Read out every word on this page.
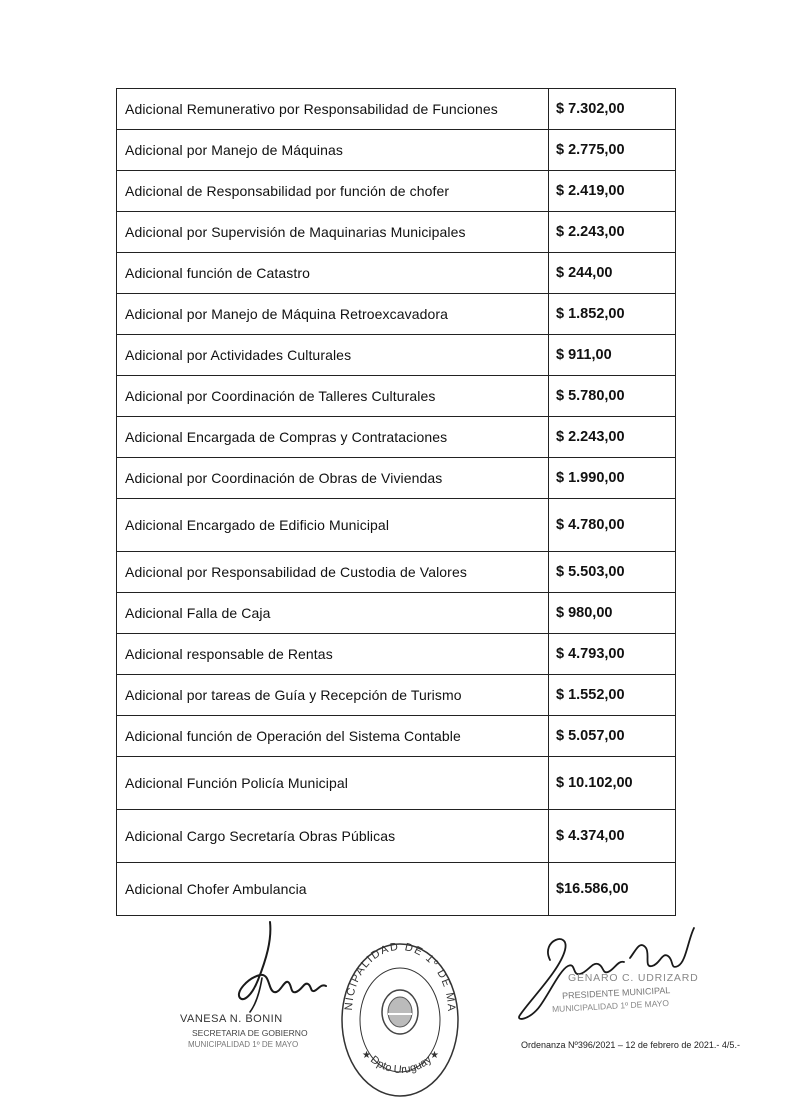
Adicional Remunerativo por Responsabilidad de Funciones	$ 7.302,00
Adicional por Manejo de Máquinas	$ 2.775,00
Adicional de Responsabilidad por función de chofer	$ 2.419,00
Adicional por Supervisión de Maquinarias Municipales	$ 2.243,00
Adicional función de Catastro	$ 244,00
Adicional por Manejo de Máquina Retroexcavadora	$ 1.852,00
Adicional por Actividades Culturales	$ 911,00
Adicional por Coordinación de Talleres Culturales	$ 5.780,00
Adicional Encargada de Compras y Contrataciones	$ 2.243,00
Adicional por Coordinación de Obras de Viviendas	$ 1.990,00
Adicional Encargado de Edificio Municipal	$ 4.780,00
Adicional por Responsabilidad de Custodia de Valores	$ 5.503,00
Adicional Falla de Caja	$ 980,00
Adicional responsable de Rentas	$ 4.793,00
Adicional por tareas de Guía y Recepción de Turismo	$ 1.552,00
Adicional función de Operación del Sistema Contable	$ 5.057,00
Adicional Función Policía Municipal	$ 10.102,00
Adicional Cargo Secretaría Obras Públicas	$ 4.374,00
Adicional Chofer Ambulancia	$16.586,00
VANESA N. BONIN
SECRETARIA DE GOBIERNO
MUNICIPALIDAD 1º DE MAYO
NICIPALIDAD DE 1º DE MA
Dpto Uruguay
★	★
GENARO C. UDRIZARD
PRESIDENTE MUNICIPAL
MUNICIPALIDAD 1º DE MAYO
Ordenanza Nº396/2021 – 12 de febrero de 2021.- 4/5.-
